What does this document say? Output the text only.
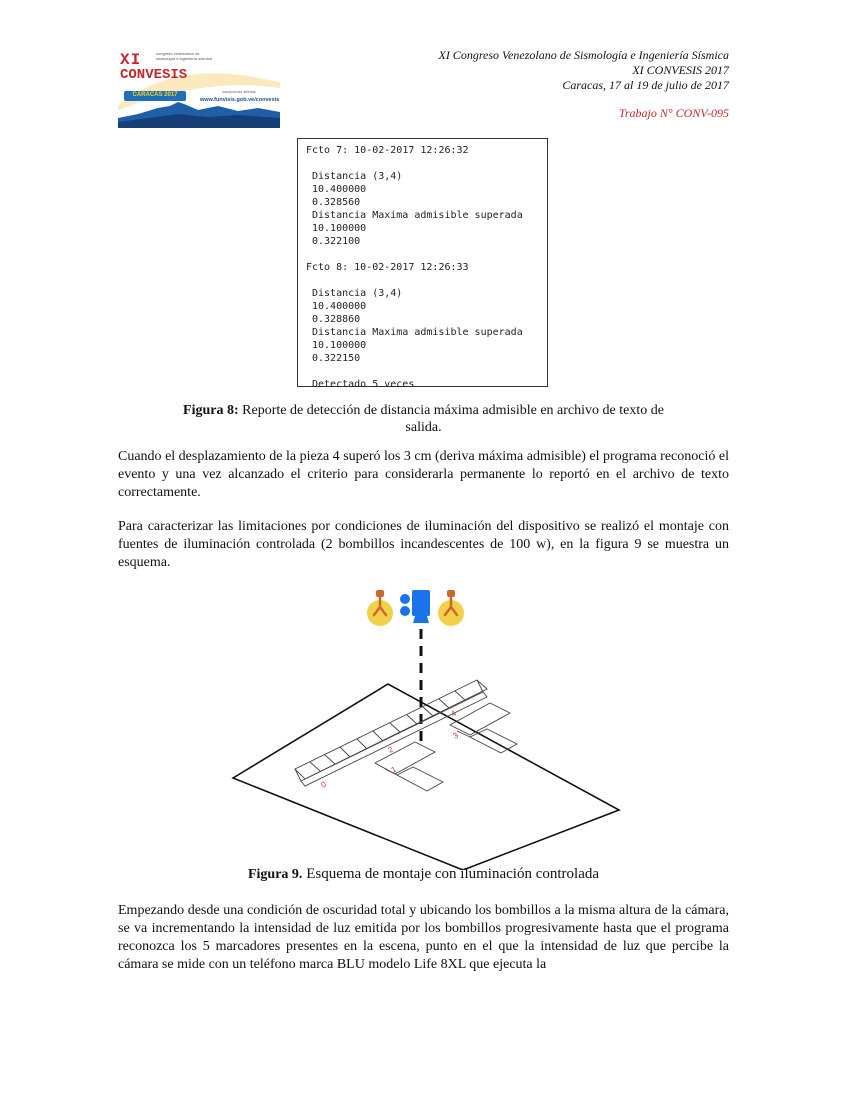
XI
CONVESIS
congreso venezolano de sismología e ingeniería sísmica
CARACAS 2017
Del 17 al 19 de julio
inscripciones abiertas
www.funvisis.gob.ve/convesis
XI Congreso Venezolano de Sismología e Ingeniería Sísmica
XI CONVESIS 2017
Caracas, 17 al 19 de julio de 2017
Trabajo N° CONV-095
Fcto 7: 10-02-2017 12:26:32
Distancia (3,4)
10.400000
0.328560
Distancia Maxima admisible superada
10.100000
0.322100
Fcto 8: 10-02-2017 12:26:33
Distancia (3,4)
10.400000
0.328860
Distancia Maxima admisible superada
10.100000
0.322150
Detectado 5 veces
Figura 8: Reporte de detección de distancia máxima admisible en archivo de texto de
salida.
Cuando el desplazamiento de la pieza 4 superó los 3 cm (deriva máxima admisible) el programa reconoció el evento y una vez alcanzado el criterio para considerarla permanente lo reportó en el archivo de texto correctamente.
Para caracterizar las limitaciones por condiciones de iluminación del dispositivo se realizó el montaje con fuentes de iluminación controlada (2 bombillos incandescentes de 100 w), en la figura 9 se muestra un esquema.
0
1
2
3
4
Figura 9. Esquema de montaje con iluminación controlada
Empezando desde una condición de oscuridad total y ubicando los bombillos a la misma altura de la cámara, se va incrementando la intensidad de luz emitida por los bombillos progresivamente hasta que el programa reconozca los 5 marcadores presentes en la escena, punto en el que la intensidad de luz que percibe la cámara se mide con un teléfono marca BLU modelo Life 8XL que ejecuta la
